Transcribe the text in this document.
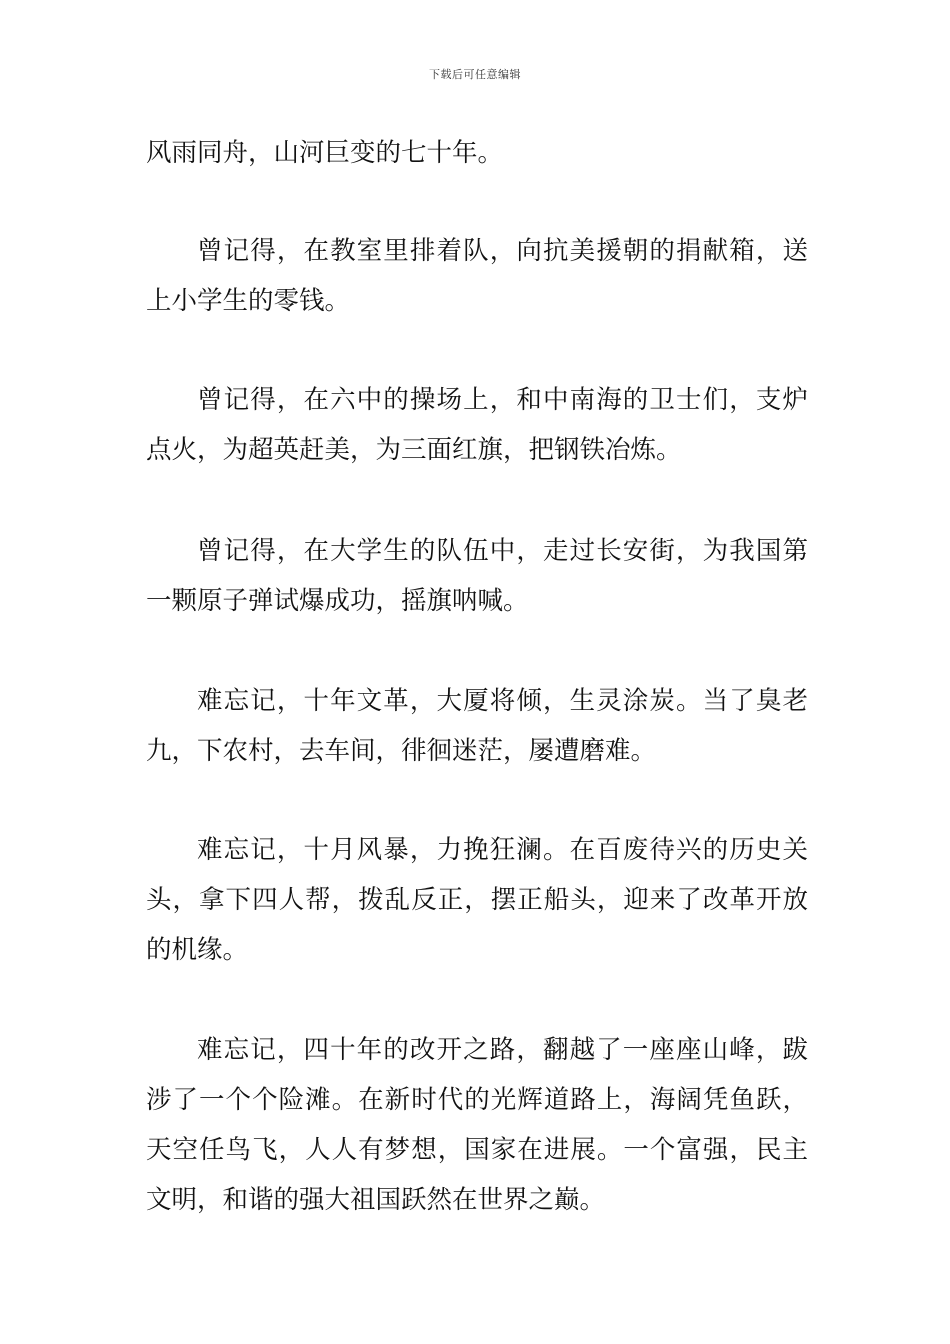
下载后可任意编辑

风雨同舟，山河巨变的七十年。

曾记得，在教室里排着队，向抗美援朝的捐献箱，送上小学生的零钱。

曾记得，在六中的操场上，和中南海的卫士们，支炉点火，为超英赶美，为三面红旗，把钢铁冶炼。

曾记得，在大学生的队伍中，走过长安街，为我国第一颗原子弹试爆成功，摇旗呐喊。

难忘记，十年文革，大厦将倾，生灵涂炭。当了臭老九，下农村，去车间，徘徊迷茫，屡遭磨难。

难忘记，十月风暴，力挽狂澜。在百废待兴的历史关头，拿下四人帮，拨乱反正，摆正船头，迎来了改革开放的机缘。

难忘记，四十年的改开之路，翻越了一座座山峰，跋涉了一个个险滩。在新时代的光辉道路上，海阔凭鱼跃，天空任鸟飞，人人有梦想，国家在进展。一个富强，民主文明，和谐的强大祖国跃然在世界之巅。
